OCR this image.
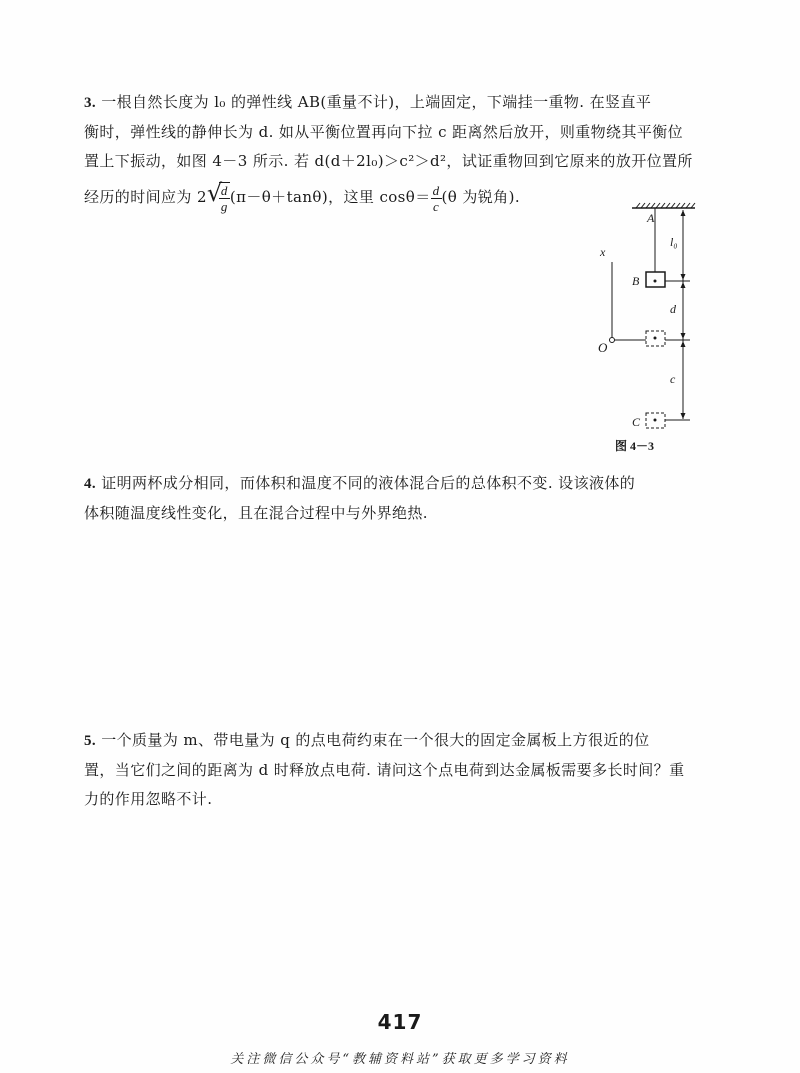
3. 一根自然长度为 l₀ 的弹性线 AB(重量不计)，上端固定，下端挂一重物. 在竖直平
衡时，弹性线的静伸长为 d. 如从平衡位置再向下拉 c 距离然后放开，则重物绕其平衡位
置上下振动，如图 4－3 所示. 若 d(d＋2l₀)＞c²＞d²，试证重物回到它原来的放开位置所
经历的时间应为 2 √
$\frac{d}{g} (\pi-\theta+\tan\theta)$，这里 $\cos\theta= \frac{d}{c} (\theta$ 为锐角).
A
B
O
C
x
l₀
d
c
图 4－3
4. 证明两杯成分相同，而体积和温度不同的液体混合后的总体积不变. 设该液体的
体积随温度线性变化，且在混合过程中与外界绝热.
5. 一个质量为 m、带电量为 q 的点电荷约束在一个很大的固定金属板上方很近的位
置，当它们之间的距离为 d 时释放点电荷. 请问这个点电荷到达金属板需要多长时间？重
力的作用忽略不计.
417
关注微信公众号“教辅资料站”获取更多学习资料
